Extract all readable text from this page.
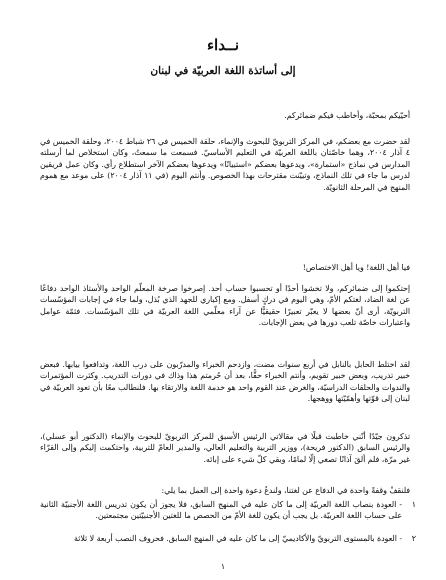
نــداء
إلى أساتذة اللغة العربيّة في لبنان
أحيّيكم بمحبّة، وأخاطب فيكم ضمائركم.
لقد حضرت مع بعضكم، في المركز التربويّ للبحوث والإنماء، حلقة الخميس في ٢٦ شباط ٢٠٠٤، وحلقة الخميس في ٤ آذار ٢٠٠٤، وهما خاصّتان باللغة العربيّة في التعليم الأساسيّ. فسمعت ما سمعتُ، وكان استخلاص لما أرسلته المدارس في نماذج «استمارة»، ويدعوها بعضكم «استبيانًا» ويدعوها بعضكم الآخر استطلاع رأي. وكان عمل فريقين لدرس ما جاء في تلك النماذج، وتبيّنت مقترحات بهذا الخصوص. وأنتم اليوم (في ١١ آذار ٢٠٠٤) على موعد مع هموم المنهج في المرحلة الثانويّة.
فيا أهل اللغة! ويا أهل الاختصاص!
إحتكموا إلى ضمائركم، ولا تخشوا أحدًا أو تحسبوا حساب أحد. إصرخوا صرخة المعلّم الواحد والأستاذ الواحد دفاعًا عن لغة الضاد، لغتكم الأمّ، وهي اليوم في دركٍ أسفل. ومع إكباري للجهد الذي بُذل، ولما جاء في إجابات المؤسّسات التربويّة، أرى أنّ بعضها لا يعبّر تعبيرًا حقيقيًّا عن آراء معلّمي اللغة العربيّة في تلك المؤسّسات. فثمّة عوامل واعتبارات خاصّة تلعب دورها في بعض الإجابات.
لقد اختلط الحابل بالنابل في أربع سنوات مضت، وازدحم الخبراء والمدرّبون على درب اللغة، وتدافعوا بيابها. فبعض خبير تدريب، وبعض خبير تقويم، وأنتم الخبراء حقًّا، بعد أن حُرمتم هذا وذاك في دورات التدريب. وكثرت المؤتمرات والندوات والحلقات الدراسيّة، والغرض عند القوم واحد هو خدمة اللغة والارتقاء بها. فلنطالب معًا بأن تعود العربيّة في لبنان إلى قوّتها وأهمّيّتها ووهجها.
تذكرون جيّدًا أنّني خاطبت قبلًا في مقالاتي الرئيس الأسبق للمركز التربويّ للبحوث والإنماء (الدكتور أبو عسلي)، والرئيس السابق (الدكتور فريحة)، ووزير التربية والتعليم العالي، والمدير العامّ للتربية، واحتكمت إليكم وإلى القرّاء غير مرّة، فلم ألقَ آذانًا تصغي إلّا لمامًا، وبقي كلّ شيء على إبائه.
فلنقفْ وقفةً واحدة في الدفاع عن لغتنا، ولندعُ دعوة واحدة إلى العمل بما يلي:
١
- العودة بنصاب اللغة العربيّة إلى ما كان عليه في المنهج السابق، فلا يجوز أن يكون تدريس اللغة الأجنبيّة الثانية على حساب اللغة العربيّة. بل يجب أن يكون للغة الأمّ من الحصص ما للغتين الأجنبيّتين مجتمعتين.
٢
- العودة بالمستوى التربويّ والأكاديميّ إلى ما كان عليه في المنهج السابق. فحروف النصب أربعة لا ثلاثة
١
